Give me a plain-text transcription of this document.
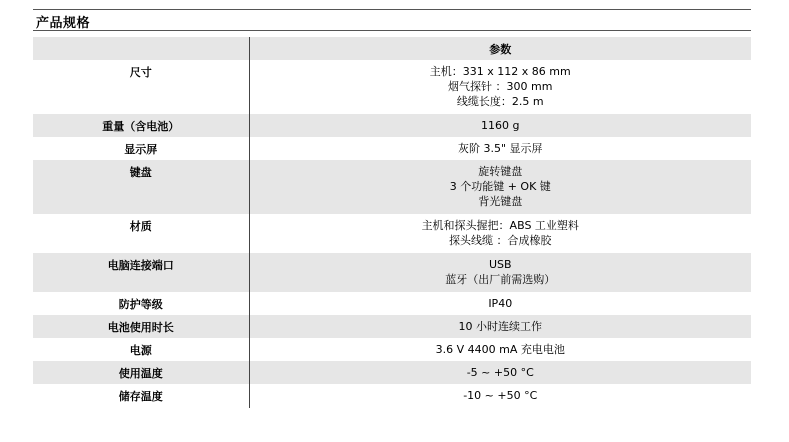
产品规格
	参数
尺寸	主机：331 x 112 x 86 mm
烟气探针 ：300 mm
线缆长度：2.5 m

重量（含电池）	1160 g

显示屏	灰阶 3.5" 显示屏

键盘	旋转键盘
3 个功能键 + OK 键
背光键盘

材质	主机和探头握把：ABS 工业塑料
探头线缆 ：合成橡胶

电脑连接端口	USB
蓝牙（出厂前需选购）

防护等级	IP40

电池使用时长	10 小时连续工作

电源	3.6 V 4400 mA 充电电池

使用温度	-5 ~ +50 °C

储存温度	-10 ~ +50 °C
